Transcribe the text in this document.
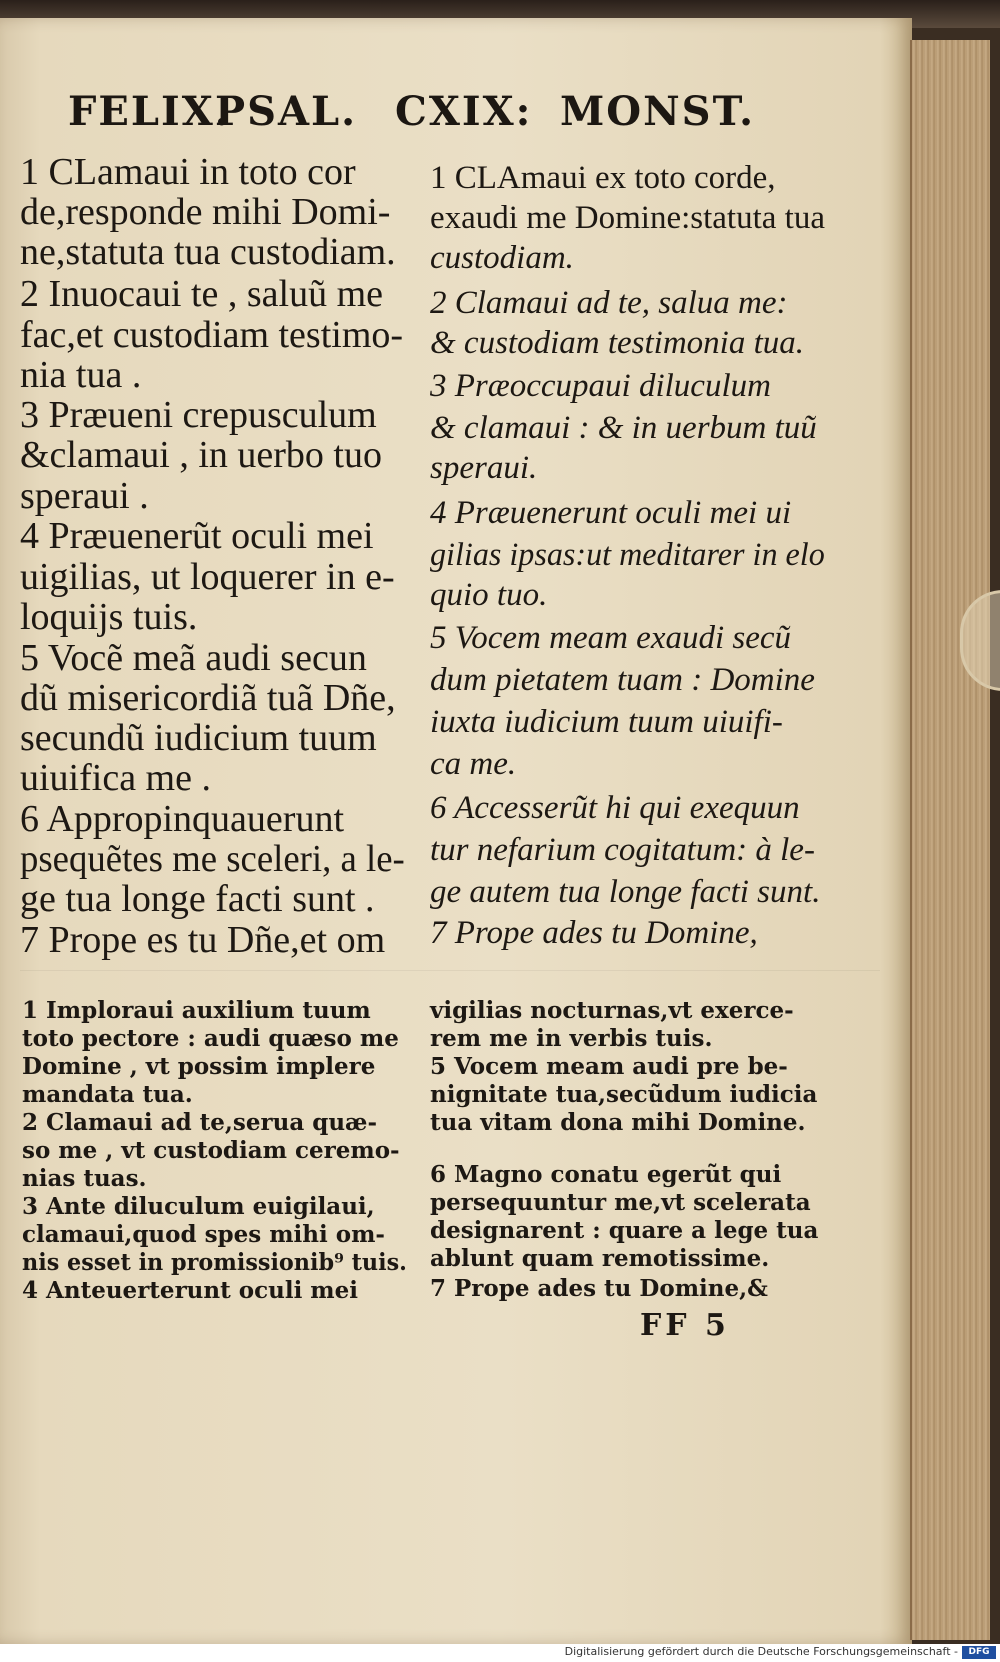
FELIX.
PSAL. CXIX: MONST.
1 CLamaui in toto cor
de,responde mihi Domi-
ne,statuta tua custodiam.
2 Inuocaui te , saluũ me
fac,et custodiam testimo-
nia tua .
3 Præueni crepusculum
&clamaui , in uerbo tuo
speraui .
4 Præuenerũt oculi mei
uigilias, ut loquerer in e-
loquijs tuis.
5 Vocẽ meã audi secun
dũ misericordiã tuã Dñe,
secundũ iudicium tuum
uiuifica me .
6 Appropinquauerunt
psequẽtes me sceleri, a le-
ge tua longe facti sunt .
7 Prope es tu Dñe,et om
1 CLAmaui ex toto corde,
exaudi me Domine:statuta tua
custodiam.
2 Clamaui ad te, salua me:
& custodiam testimonia tua.
3 Præoccupaui diluculum
& clamaui : & in uerbum tuũ
speraui.
4 Præuenerunt oculi mei ui
gilias ipsas:ut meditarer in elo
quio tuo.
5 Vocem meam exaudi secũ
dum pietatem tuam : Domine
iuxta iudicium tuum uiuifi-
ca me.
6 Accesserũt hi qui exequun
tur nefarium cogitatum: à le-
ge autem tua longe facti sunt.
7 Prope ades tu Domine,
1 Imploraui auxilium tuum
toto pectore : audi quæso me
Domine , vt possim implere
mandata tua.
2 Clamaui ad te,serua quæ-
so me , vt custodiam ceremo-
nias tuas.
3 Ante diluculum euigilaui,
clamaui,quod spes mihi om-
nis esset in promissionib⁹ tuis.
4 Anteuerterunt oculi mei
vigilias nocturnas,vt exerce-
rem me in verbis tuis.
5 Vocem meam audi pre be-
nignitate tua,secũdum iudicia
tua vitam dona mihi Domine.
6 Magno conatu egerũt qui
persequuntur me,vt scelerata
designarent : quare a lege tua
ablunt quam remotissime.
7 Prope ades tu Domine,&
FF 5
Digitalisierung gefördert durch die Deutsche Forschungsgemeinschaft -	DFG
